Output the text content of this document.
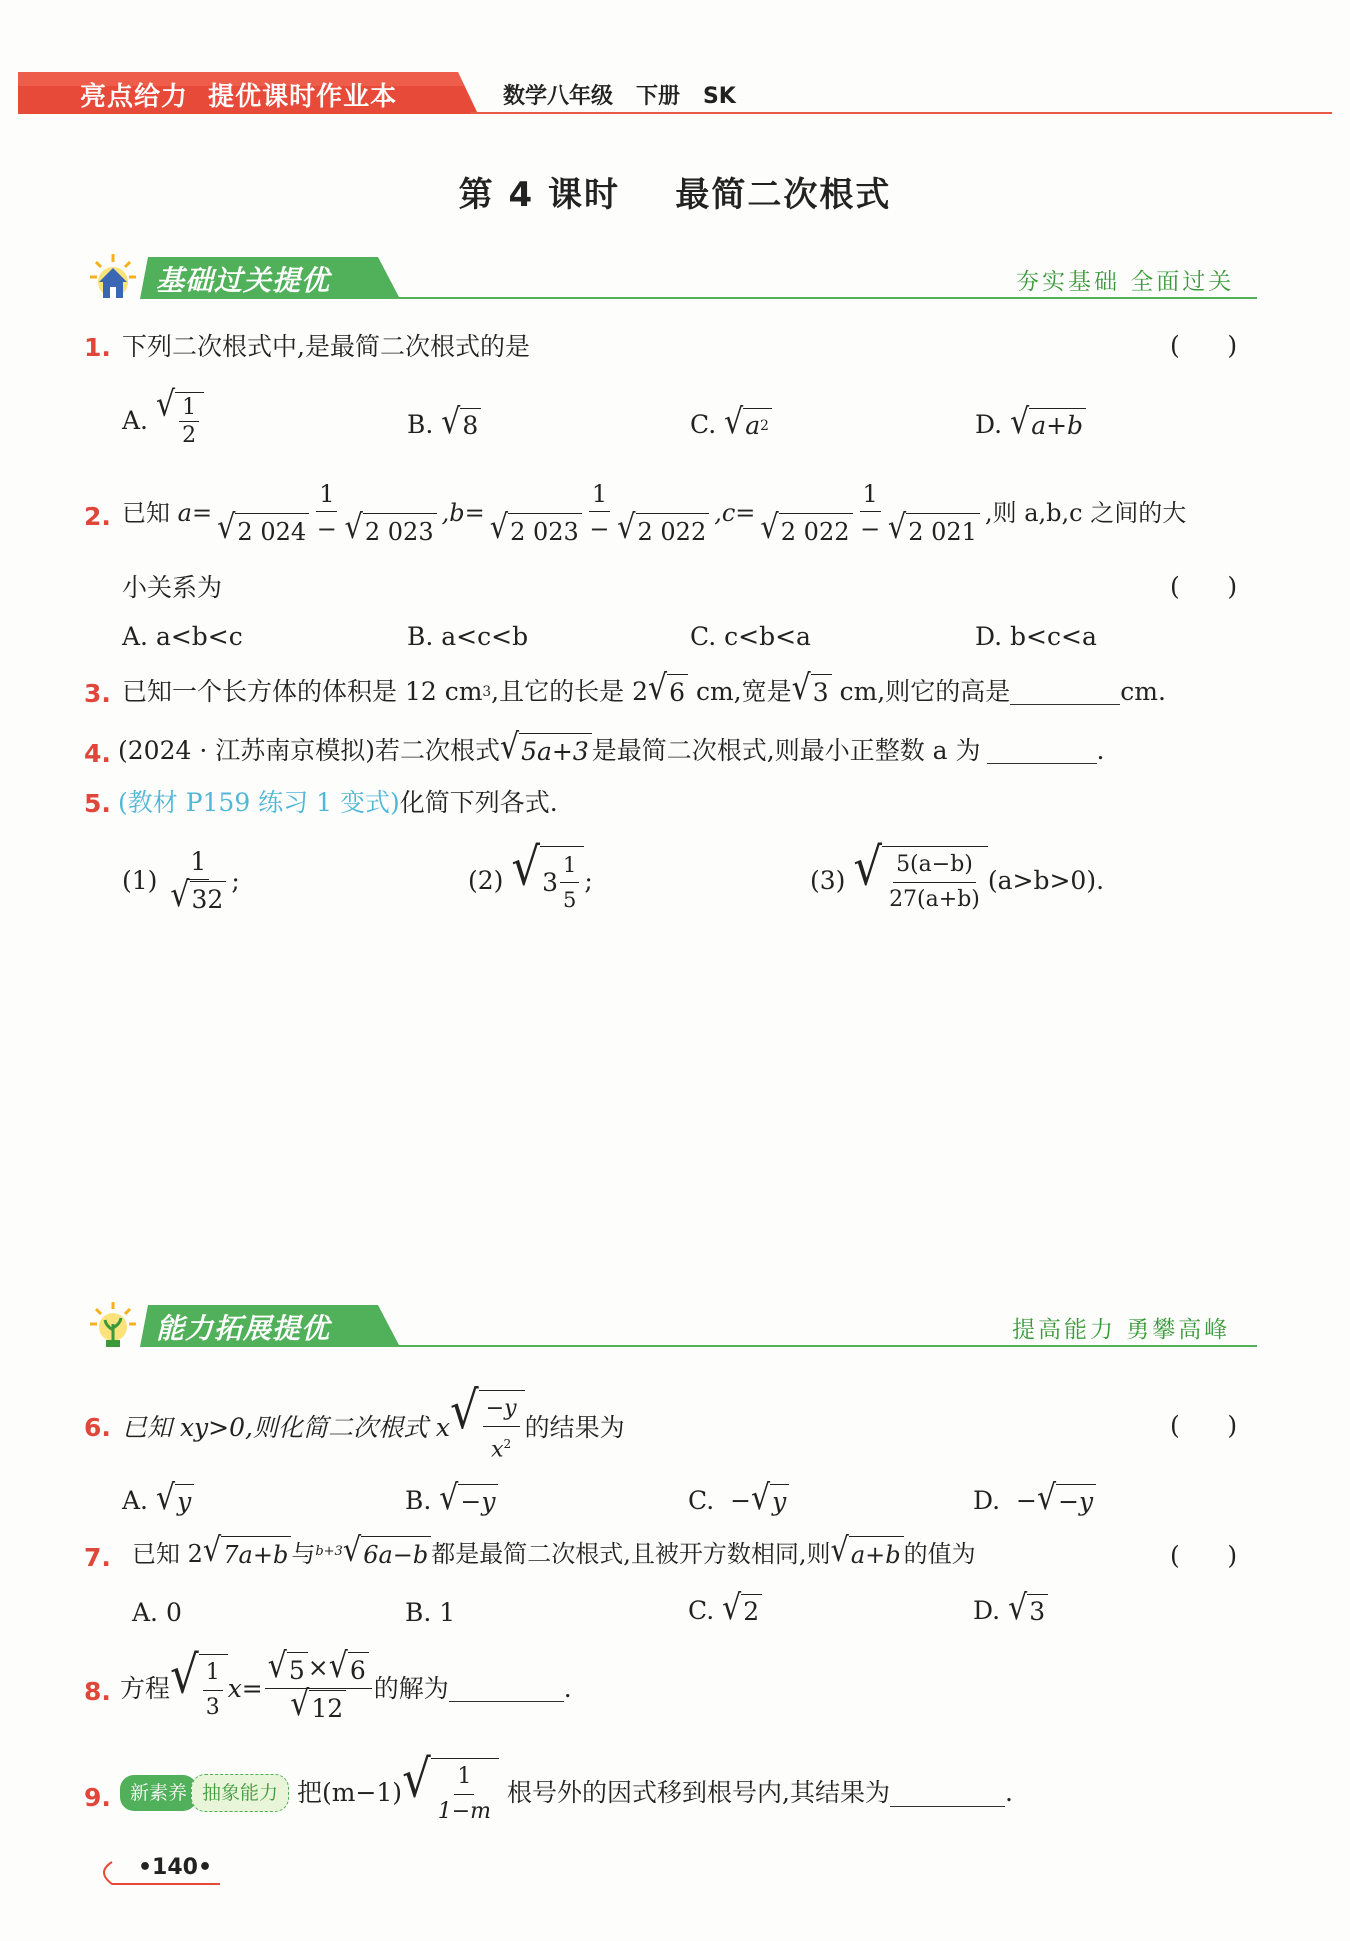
亮点给力  提优课时作业本	数学八年级   下册   SK
第 4 课时    最简二次根式
基础过关提优	夯实基础 全面过关
1. 下列二次根式中,是最简二次根式的是	(      )
A.
√ $\frac{1}{2}$	B.
√ 8	C.
√ a 2	D.
√ a+b
2. 已知
$a= \frac{1}{√ 2 024 - √ 2 023} ,b= \frac{1}{√ 2 023 - √ 2 022} ,c= \frac{1}{√ 2 022 - √ 2 021}$ ,则 a,b,c 之间的大
小关系为	(      )
A. a<b<c	B. a<c<b	C. c<b<a	D. b<c<a
3. 已知一个长方体的体积是 12 cm 3 ,且它的长是 2 √ 6 cm,宽是 √ 3 cm,则它的高是	cm.
4. (2024 · 江苏南京模拟)若二次根式 √ 5a+3 是最简二次根式,则最小正整数 a 为	.
5. (教材 P159 练习 1 变式)化简下列各式.
(1)
$\frac{1}{√ 32}$ ;	(2)
√ $3 \frac{1}{5}$ ;	(3)
√ $\frac{5(a-b)}{27(a+b)} (a>b>0)$.
能力拓展提优	提高能力 勇攀高峰
6. 已知 xy>0,则化简二次根式 x √ $\frac{-y}{x^2}$ 的结果为	(      )
A.
√ y	B.
√ −y	C.  − √ y	D.  − √ −y
7. 已知 2 √ 7a+b 与 b+3 √ 6a−b 都是最简二次根式,且被开方数相同,则 √ a+b 的值为	(      )
A. 0	B. 1	C.
√ 2	D.
√ 3
8. 方程 √ $\frac{1}{3} x= \frac{√ 5 \times √ 6}{√ 12}$ 的解为	.
9.	新素养 抽象能力
把(m−1) √ $\frac{1}{1-m}$
根号外的因式移到根号内,其结果为	.
•140•
